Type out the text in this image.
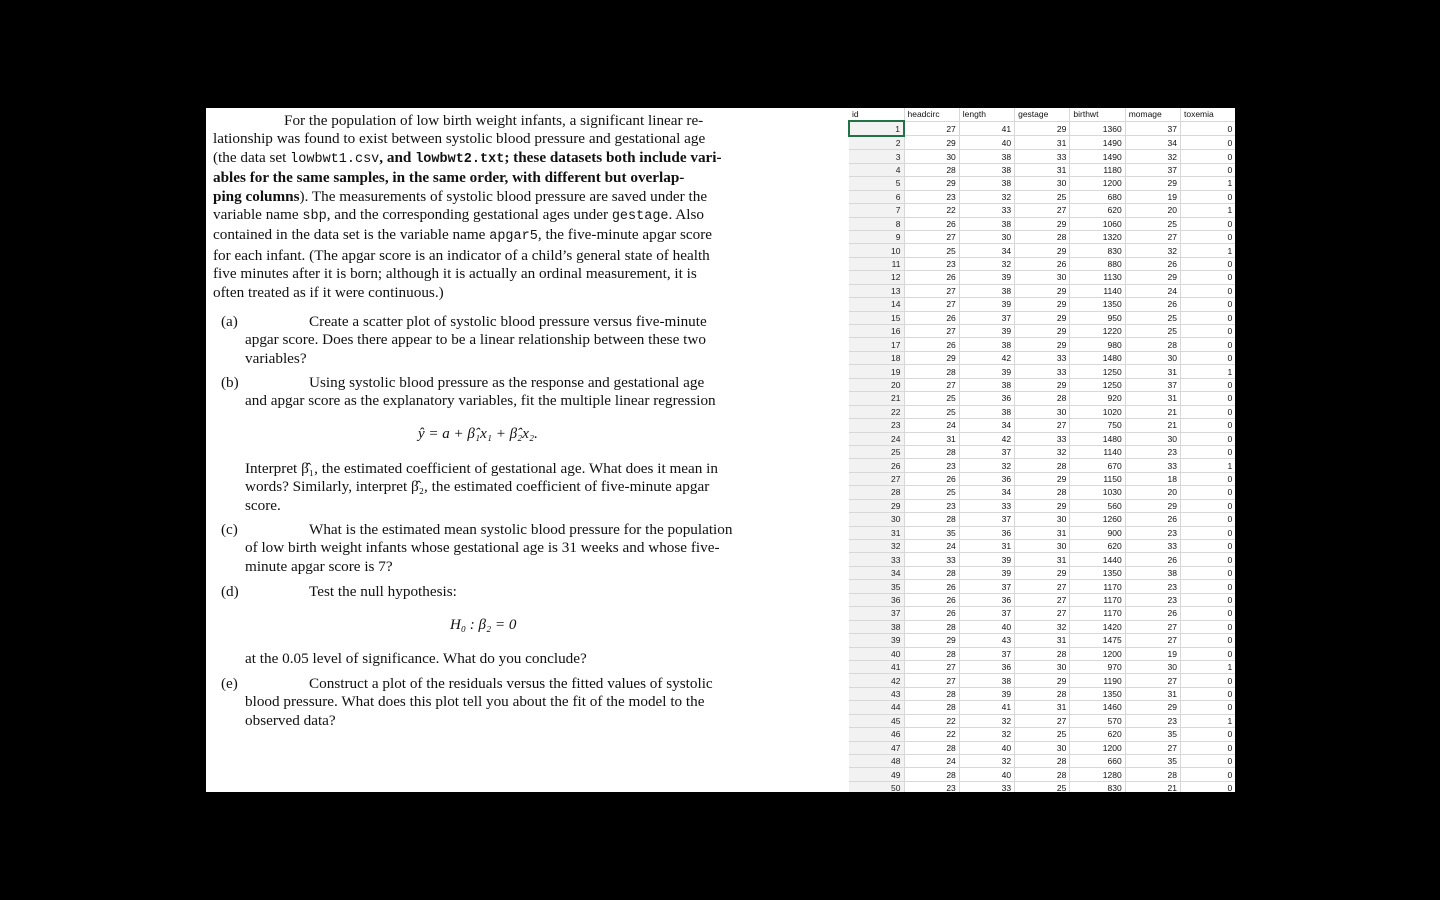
For the population of low birth weight infants, a significant linear re-
lationship was found to exist between systolic blood pressure and gestational age
(the data set lowbwt1.csv, and lowbwt2.txt; these datasets both include vari-
ables for the same samples, in the same order, with different but overlap-
ping columns). The measurements of systolic blood pressure are saved under the
variable name sbp, and the corresponding gestational ages under gestage. Also
contained in the data set is the variable name apgar5, the five-minute apgar score
for each infant. (The apgar score is an indicator of a child’s general state of health
five minutes after it is born; although it is actually an ordinal measurement, it is
often treated as if it were continuous.)
(a)	Create a scatter plot of systolic blood pressure versus five-minute
apgar score. Does there appear to be a linear relationship between these two
variables?
(b)	Using systolic blood pressure as the response and gestational age
and apgar score as the explanatory variables, fit the multiple linear regression
Interpret β̂₁, the estimated coefficient of gestational age. What does it mean in
words? Similarly, interpret β̂₂, the estimated coefficient of five-minute apgar
score.
(c)	What is the estimated mean systolic blood pressure for the population
of low birth weight infants whose gestational age is 31 weeks and whose five-
minute apgar score is 7?
(d)	Test the null hypothesis:
at the 0.05 level of significance. What do you conclude?
(e)	Construct a plot of the residuals versus the fitted values of systolic
blood pressure. What does this plot tell you about the fit of the model to the
observed data?
ŷ = a + β̂₁x₁ + β̂₂x₂.
H₀ : β₂ = 0
id	headcirc	length	gestage	birthwt	momage	toxemia
1	27	41	29	1360	37	0
2	29	40	31	1490	34	0
3	30	38	33	1490	32	0
4	28	38	31	1180	37	0
5	29	38	30	1200	29	1
6	23	32	25	680	19	0
7	22	33	27	620	20	1
8	26	38	29	1060	25	0
9	27	30	28	1320	27	0
10	25	34	29	830	32	1
11	23	32	26	880	26	0
12	26	39	30	1130	29	0
13	27	38	29	1140	24	0
14	27	39	29	1350	26	0
15	26	37	29	950	25	0
16	27	39	29	1220	25	0
17	26	38	29	980	28	0
18	29	42	33	1480	30	0
19	28	39	33	1250	31	1
20	27	38	29	1250	37	0
21	25	36	28	920	31	0
22	25	38	30	1020	21	0
23	24	34	27	750	21	0
24	31	42	33	1480	30	0
25	28	37	32	1140	23	0
26	23	32	28	670	33	1
27	26	36	29	1150	18	0
28	25	34	28	1030	20	0
29	23	33	29	560	29	0
30	28	37	30	1260	26	0
31	35	36	31	900	23	0
32	24	31	30	620	33	0
33	33	39	31	1440	26	0
34	28	39	29	1350	38	0
35	26	37	27	1170	23	0
36	26	36	27	1170	23	0
37	26	37	27	1170	26	0
38	28	40	32	1420	27	0
39	29	43	31	1475	27	0
40	28	37	28	1200	19	0
41	27	36	30	970	30	1
42	27	38	29	1190	27	0
43	28	39	28	1350	31	0
44	28	41	31	1460	29	0
45	22	32	27	570	23	1
46	22	32	25	620	35	0
47	28	40	30	1200	27	0
48	24	32	28	660	35	0
49	28	40	28	1280	28	0
50	23	33	25	830	21	0
